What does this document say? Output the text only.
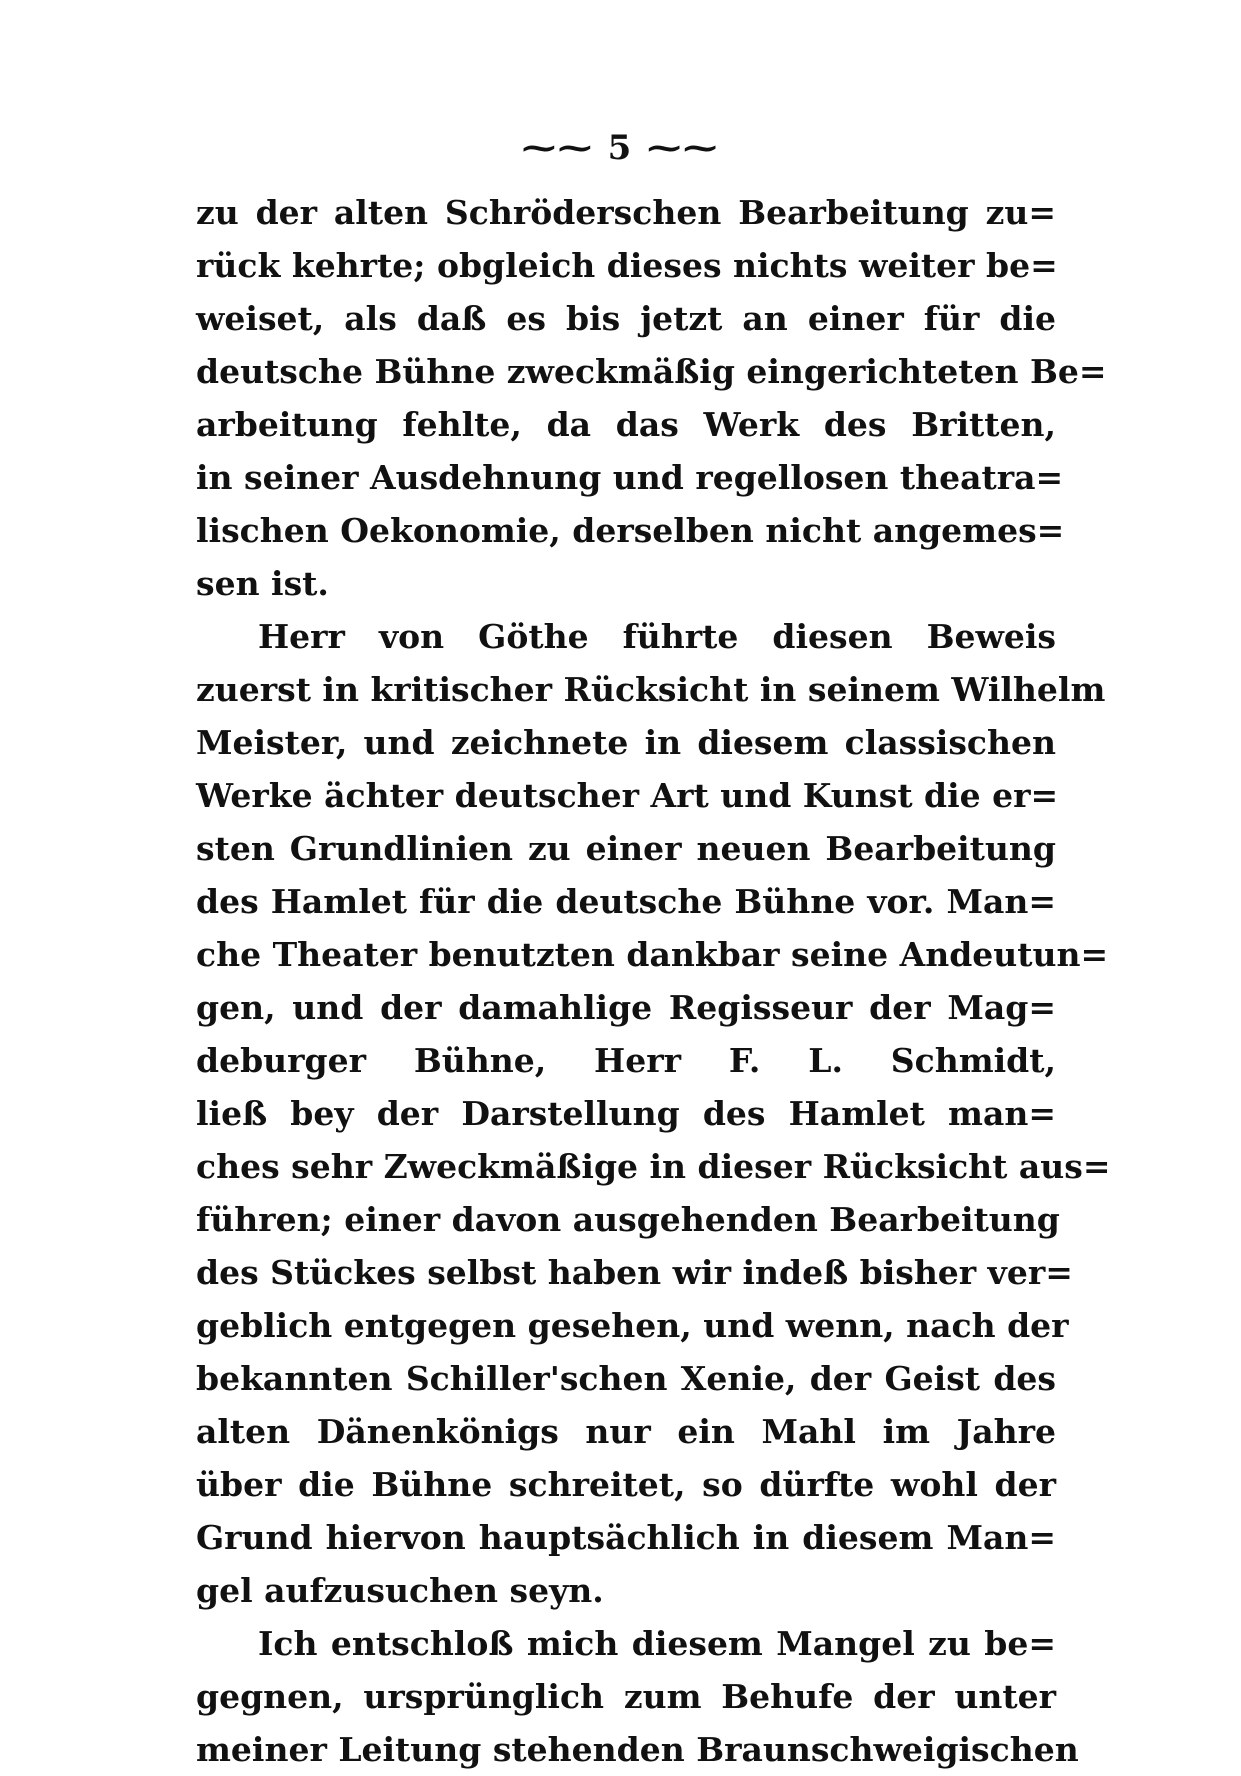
⁓⁓ 5 ⁓⁓
zu der alten Schröderschen Bearbeitung zu=
rück kehrte; obgleich dieses nichts weiter be=
weiset, als daß es bis jetzt an einer für die
deutsche Bühne zweckmäßig eingerichteten Be=
arbeitung fehlte, da das Werk des Britten,
in seiner Ausdehnung und regellosen theatra=
lischen Oekonomie, derselben nicht angemes=
sen ist.
Herr von Göthe führte diesen Beweis
zuerst in kritischer Rücksicht in seinem Wilhelm
Meister, und zeichnete in diesem classischen
Werke ächter deutscher Art und Kunst die er=
sten Grundlinien zu einer neuen Bearbeitung
des Hamlet für die deutsche Bühne vor. Man=
che Theater benutzten dankbar seine Andeutun=
gen, und der damahlige Regisseur der Mag=
deburger Bühne, Herr F. L. Schmidt,
ließ bey der Darstellung des Hamlet man=
ches sehr Zweckmäßige in dieser Rücksicht aus=
führen; einer davon ausgehenden Bearbeitung
des Stückes selbst haben wir indeß bisher ver=
geblich entgegen gesehen, und wenn, nach der
bekannten Schiller'schen Xenie, der Geist des
alten Dänenkönigs nur ein Mahl im Jahre
über die Bühne schreitet, so dürfte wohl der
Grund hiervon hauptsächlich in diesem Man=
gel aufzusuchen seyn.
Ich entschloß mich diesem Mangel zu be=
gegnen, ursprünglich zum Behufe der unter
meiner Leitung stehenden Braunschweigischen
